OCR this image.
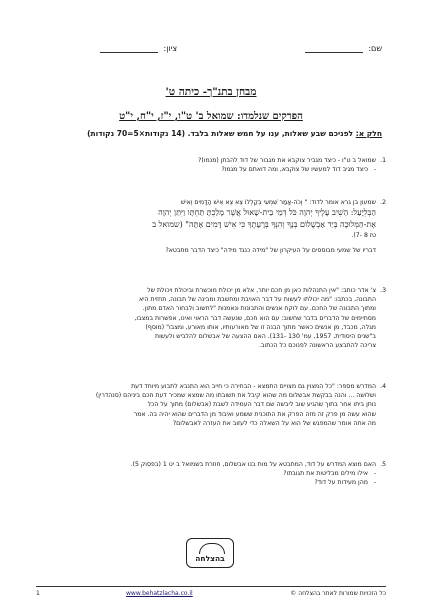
שם:
ציון:
מבחן בתנ"ך- כיתה ט'
הפרקים שנלמדו: שמואל ב' ט"ו, י"ז, י"ח, י"ט
חלק א: לפניכם שבע שאלות, ענו על חמש שאלות בלבד. (14 נקודות×5=70 נקודות)
1.
שמואל ב ט"ו - כיצד מגביר צוקבא את מגבור של דוד להבתן (מנמו)?
- כיצד מגיב דוד למעשיו של צוקבא, ומה דואתם על מגמו?
2.
שמעון בן גרא אומר לדוד: " וְכֹה-אָמַר שִׁמְעִי בְּקַלְלוֹ צֵא צֵא אִישׁ הַדָּמִים וְאִישׁ
הַבְּלִיָּעַל: הֵשִׁיב עָלֶיךָ יְהוָה כֹּל דְּמֵי בֵית-שָׁאוּל אֲשֶׁר מָלַכְתָּ תַּחְתָּו וַיִּתֵּן יְהוָה
אֶת-הַמְּלוּכָה בְּיַד אַבְשָׁלוֹם בְּנֶךָ וְהִנְּךָ בְּרָעָתֶךָ כִּי אִישׁ דָּמִים אָתָּה" (שמואל ב
טז 8 -7).
דבריו של שמעי מבוססים על העיקרון של "מידה כנגד מידה" כיצד הדבר מתבטא?
3.
צ' אדר כותב: "אין התנהלות כאן מן חכם יותר, אלא מן יכולת מוכשרת וביכולת ויכולת של
התבונה, בכתבו: "מה יכולתו לעשות על דבר האויבת ומחשבת ומבינה של תבונה, תחזית היא
ומתוך התבונה של החכם. עם לוקח אנשים והתבונות ונאמנות "לחשוב ולבחור האדם מתון.
מסתיימים של הדברים בדבר שחשוב: עם הוא חכם, שנעשה דבר הראוי ואינו, אפשרות במצבו,
מגלה, מכבד, מן אנשים כאשר מתוך הבנה זו של מאורעותיו, אותו מאורע, ומצבו" (מוסף)
ב"שנים היסודית, 1957, עמ' 130 -131). האם ההצעה של אבשלום להלביש ולעשות
צריכה להתבצע הראשונה לפנוכם כל הכתוב.
4.
המדרש מספר: "כל המצוין גם מצויים התמצא - הבחירה כי חייב הוא התנבא לתבוע מיוחד דעת
ושלושה ... והנה בבקשת אבשלום מה שהוא קיבל את תשובתו מה שמצא שמכיר דעת חכם ביניהם (סנהדרין)
נותן ביתו אחר בתוך שהגיע שוב ליבשה שם דבר העמידה לשבת (אבשלום) מתוך על הכל
שהוא עשה מן פרק זה מזה הפרק את התוכנית ששמע ואיבוד מן הדברים שהוא יהיה בה. אמר
מה אתה אומר שהמפגש של הוא על השאלה כדי לעזוב את העזרה לאבשלום?
5.
האם מוצא המדרש על דוד, המתבטא על מות בנו אבשלום, חוזרת בשמואל ב יט 1 (בפסוק 5).
- אילו מילים מבליטות את תגובתו?
- מהן מעידות על דוד?
בהצלחה
כל הזכויות שמורות לאתר בהצלחה ©
www.behatzlacha.co.il
1
